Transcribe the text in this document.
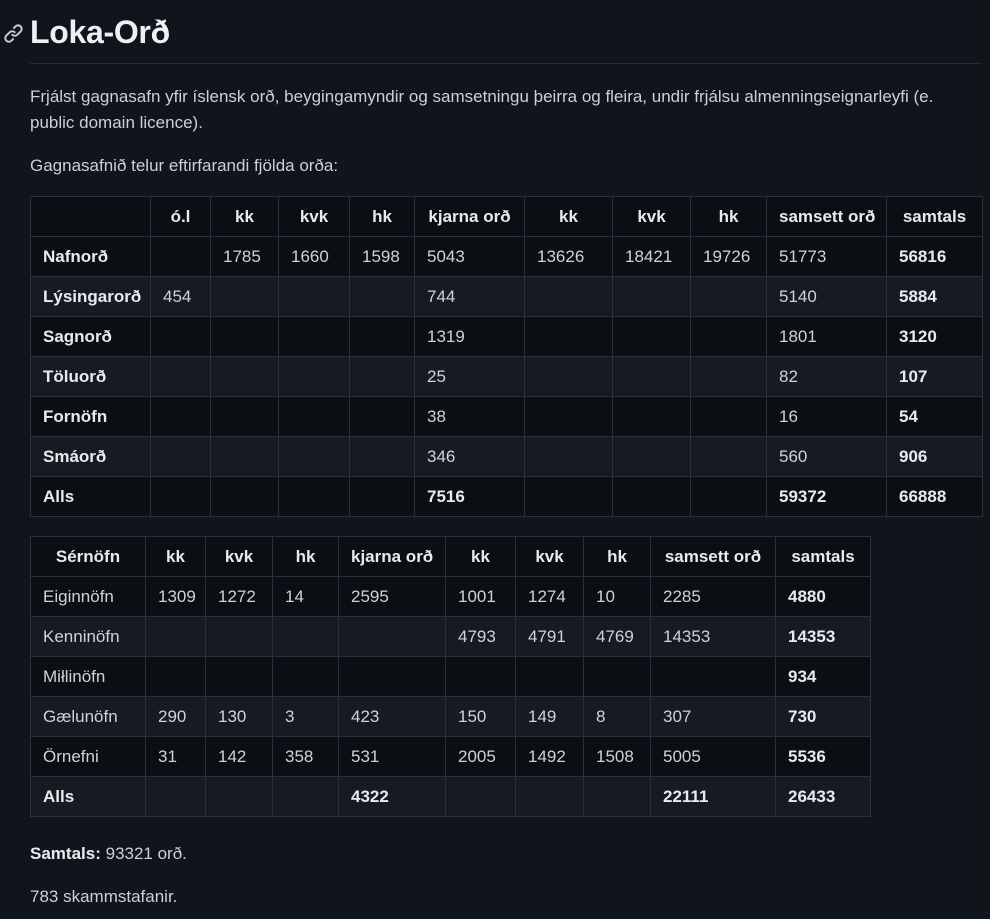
Loka-Orð

Frjálst gagnasafn yfir íslensk orð, beygingamyndir og samsetningu þeirra og fleira, undir frjálsu almenningseignarleyfi (e. public domain licence).

Gagnasafnið telur eftirfarandi fjölda orða:

	ó.l	kk	kvk	hk	kjarna orð	kk	kvk	hk	samsett orð	samtals
Nafnorð		1785	1660	1598	5043	13626	18421	19726	51773	56816
Lýsingarorð	454				744				5140	5884
Sagnorð					1319				1801	3120
Töluorð					25				82	107
Fornöfn					38				16	54
Smáorð					346				560	906
Alls					7516				59372	66888
Sérnöfn	kk	kvk	hk	kjarna orð	kk	kvk	hk	samsett orð	samtals
Eiginnöfn	1309	1272	14	2595	1001	1274	10	2285	4880
Kenninöfn					4793	4791	4769	14353	14353
Miłlinöfn									934
Gælunöfn	290	130	3	423	150	149	8	307	730
Örnefni	31	142	358	531	2005	1492	1508	5005	5536
Alls				4322				22111	26433

Samtals: 93321 orð.

783 skammstafanir.
